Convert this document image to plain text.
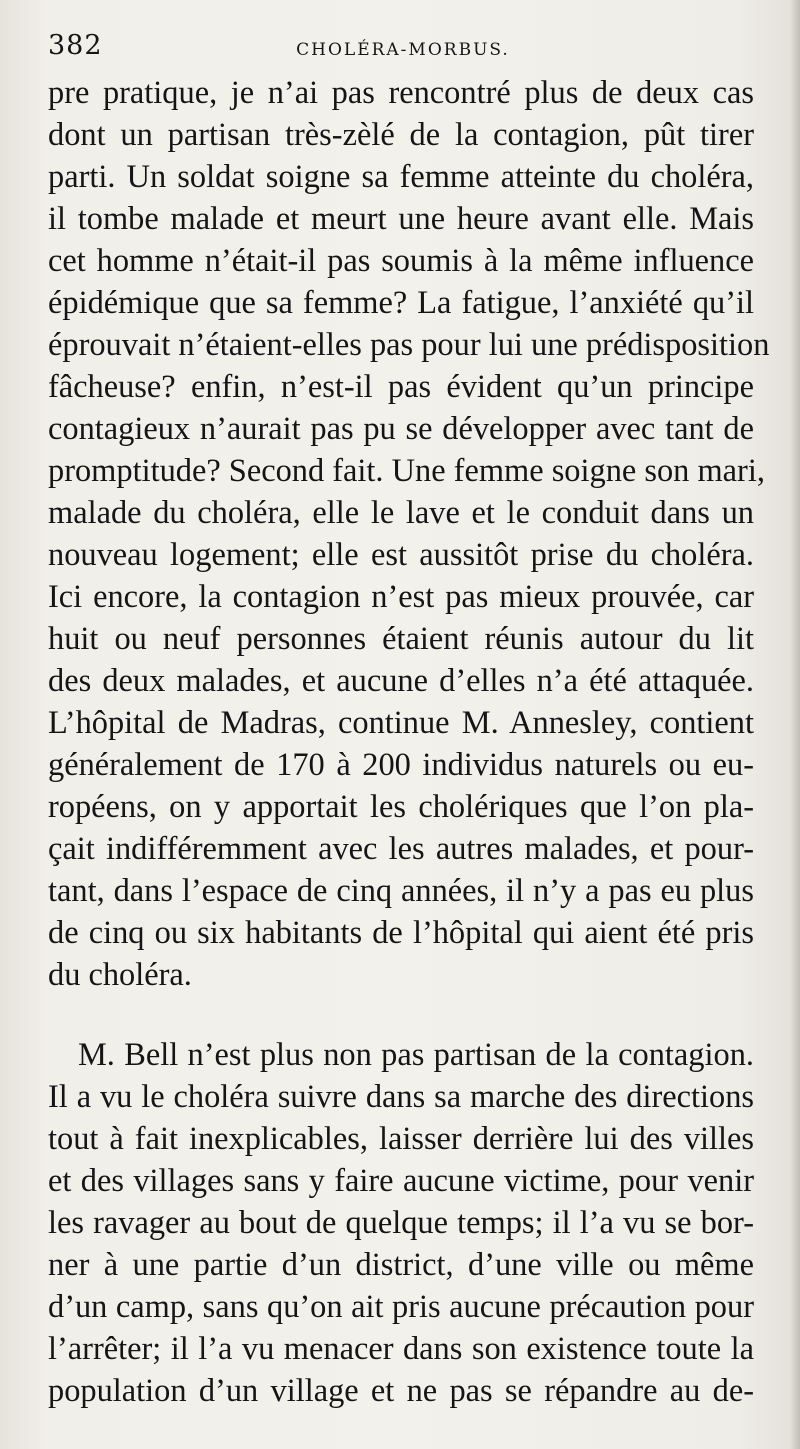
382	CHOLÉRA-MORBUS.
pre pratique, je n’ai pas rencontré plus de deux cas
dont un partisan très-zèlé de la contagion, pût tirer
parti. Un soldat soigne sa femme atteinte du choléra,
il tombe malade et meurt une heure avant elle. Mais
cet homme n’était-il pas soumis à la même influence
épidémique que sa femme? La fatigue, l’anxiété qu’il
éprouvait n’étaient-elles pas pour lui une prédisposition
fâcheuse? enfin, n’est-il pas évident qu’un principe
contagieux n’aurait pas pu se développer avec tant de
promptitude? Second fait. Une femme soigne son mari,
malade du choléra, elle le lave et le conduit dans un
nouveau logement; elle est aussitôt prise du choléra.
Ici encore, la contagion n’est pas mieux prouvée, car
huit ou neuf personnes étaient réunis autour du lit
des deux malades, et aucune d’elles n’a été attaquée.
L’hôpital de Madras, continue M. Annesley, contient
généralement de 170 à 200 individus naturels ou eu-
ropéens, on y apportait les cholériques que l’on pla-
çait indifféremment avec les autres malades, et pour-
tant, dans l’espace de cinq années, il n’y a pas eu plus
de cinq ou six habitants de l’hôpital qui aient été pris
du choléra.
M. Bell n’est plus non pas partisan de la contagion.
Il a vu le choléra suivre dans sa marche des directions
tout à fait inexplicables, laisser derrière lui des villes
et des villages sans y faire aucune victime, pour venir
les ravager au bout de quelque temps; il l’a vu se bor-
ner à une partie d’un district, d’une ville ou même
d’un camp, sans qu’on ait pris aucune précaution pour
l’arrêter; il l’a vu menacer dans son existence toute la
population d’un village et ne pas se répandre au de-
